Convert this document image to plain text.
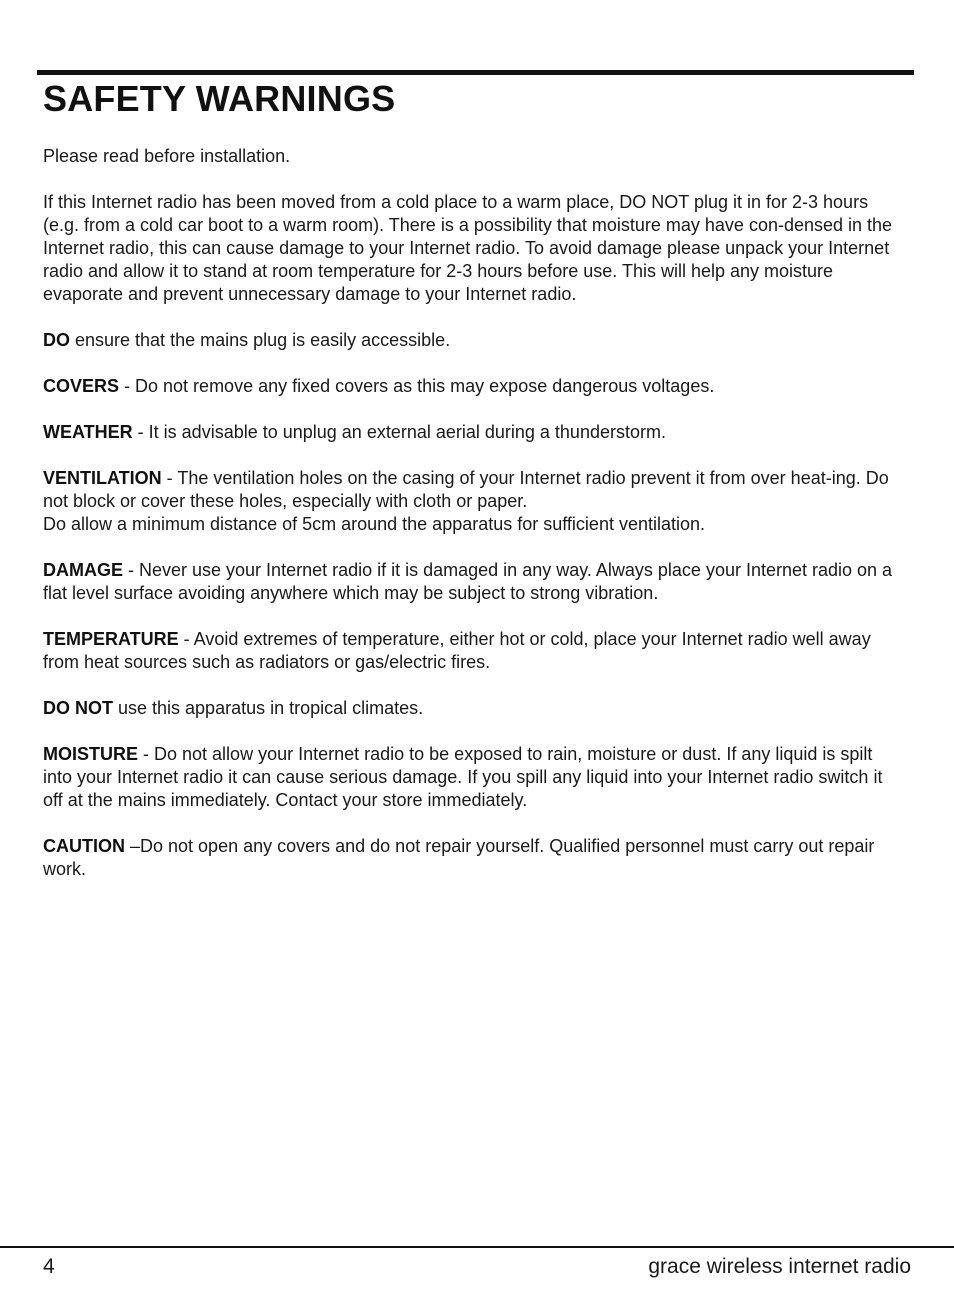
SAFETY WARNINGS

Please read before installation.

If this Internet radio has been moved from a cold place to a warm place, DO NOT plug it in for 2-3 hours (e.g. from a cold car boot to a warm room). There is a possibility that moisture may have con-densed in the Internet radio, this can cause damage to your Internet radio. To avoid damage please unpack your Internet radio and allow it to stand at room temperature for 2-3 hours before use. This will help any moisture evaporate and prevent unnecessary damage to your Internet radio.

DO ensure that the mains plug is easily accessible.

COVERS - Do not remove any fixed covers as this may expose dangerous voltages.

WEATHER - It is advisable to unplug an external aerial during a thunderstorm.

VENTILATION - The ventilation holes on the casing of your Internet radio prevent it from over heat-ing. Do not block or cover these holes, especially with cloth or paper.

Do allow a minimum distance of 5cm around the apparatus for sufficient ventilation.

DAMAGE - Never use your Internet radio if it is damaged in any way. Always place your Internet radio on a flat level surface avoiding anywhere which may be subject to strong vibration.

TEMPERATURE - Avoid extremes of temperature, either hot or cold, place your Internet radio well away from heat sources such as radiators or gas/electric fires.

DO NOT use this apparatus in tropical climates.

MOISTURE - Do not allow your Internet radio to be exposed to rain, moisture or dust. If any liquid is spilt into your Internet radio it can cause serious damage. If you spill any liquid into your Internet radio switch it off at the mains immediately. Contact your store immediately.

CAUTION –Do not open any covers and do not repair yourself. Qualified personnel must carry out repair work.

4	grace wireless internet radio
